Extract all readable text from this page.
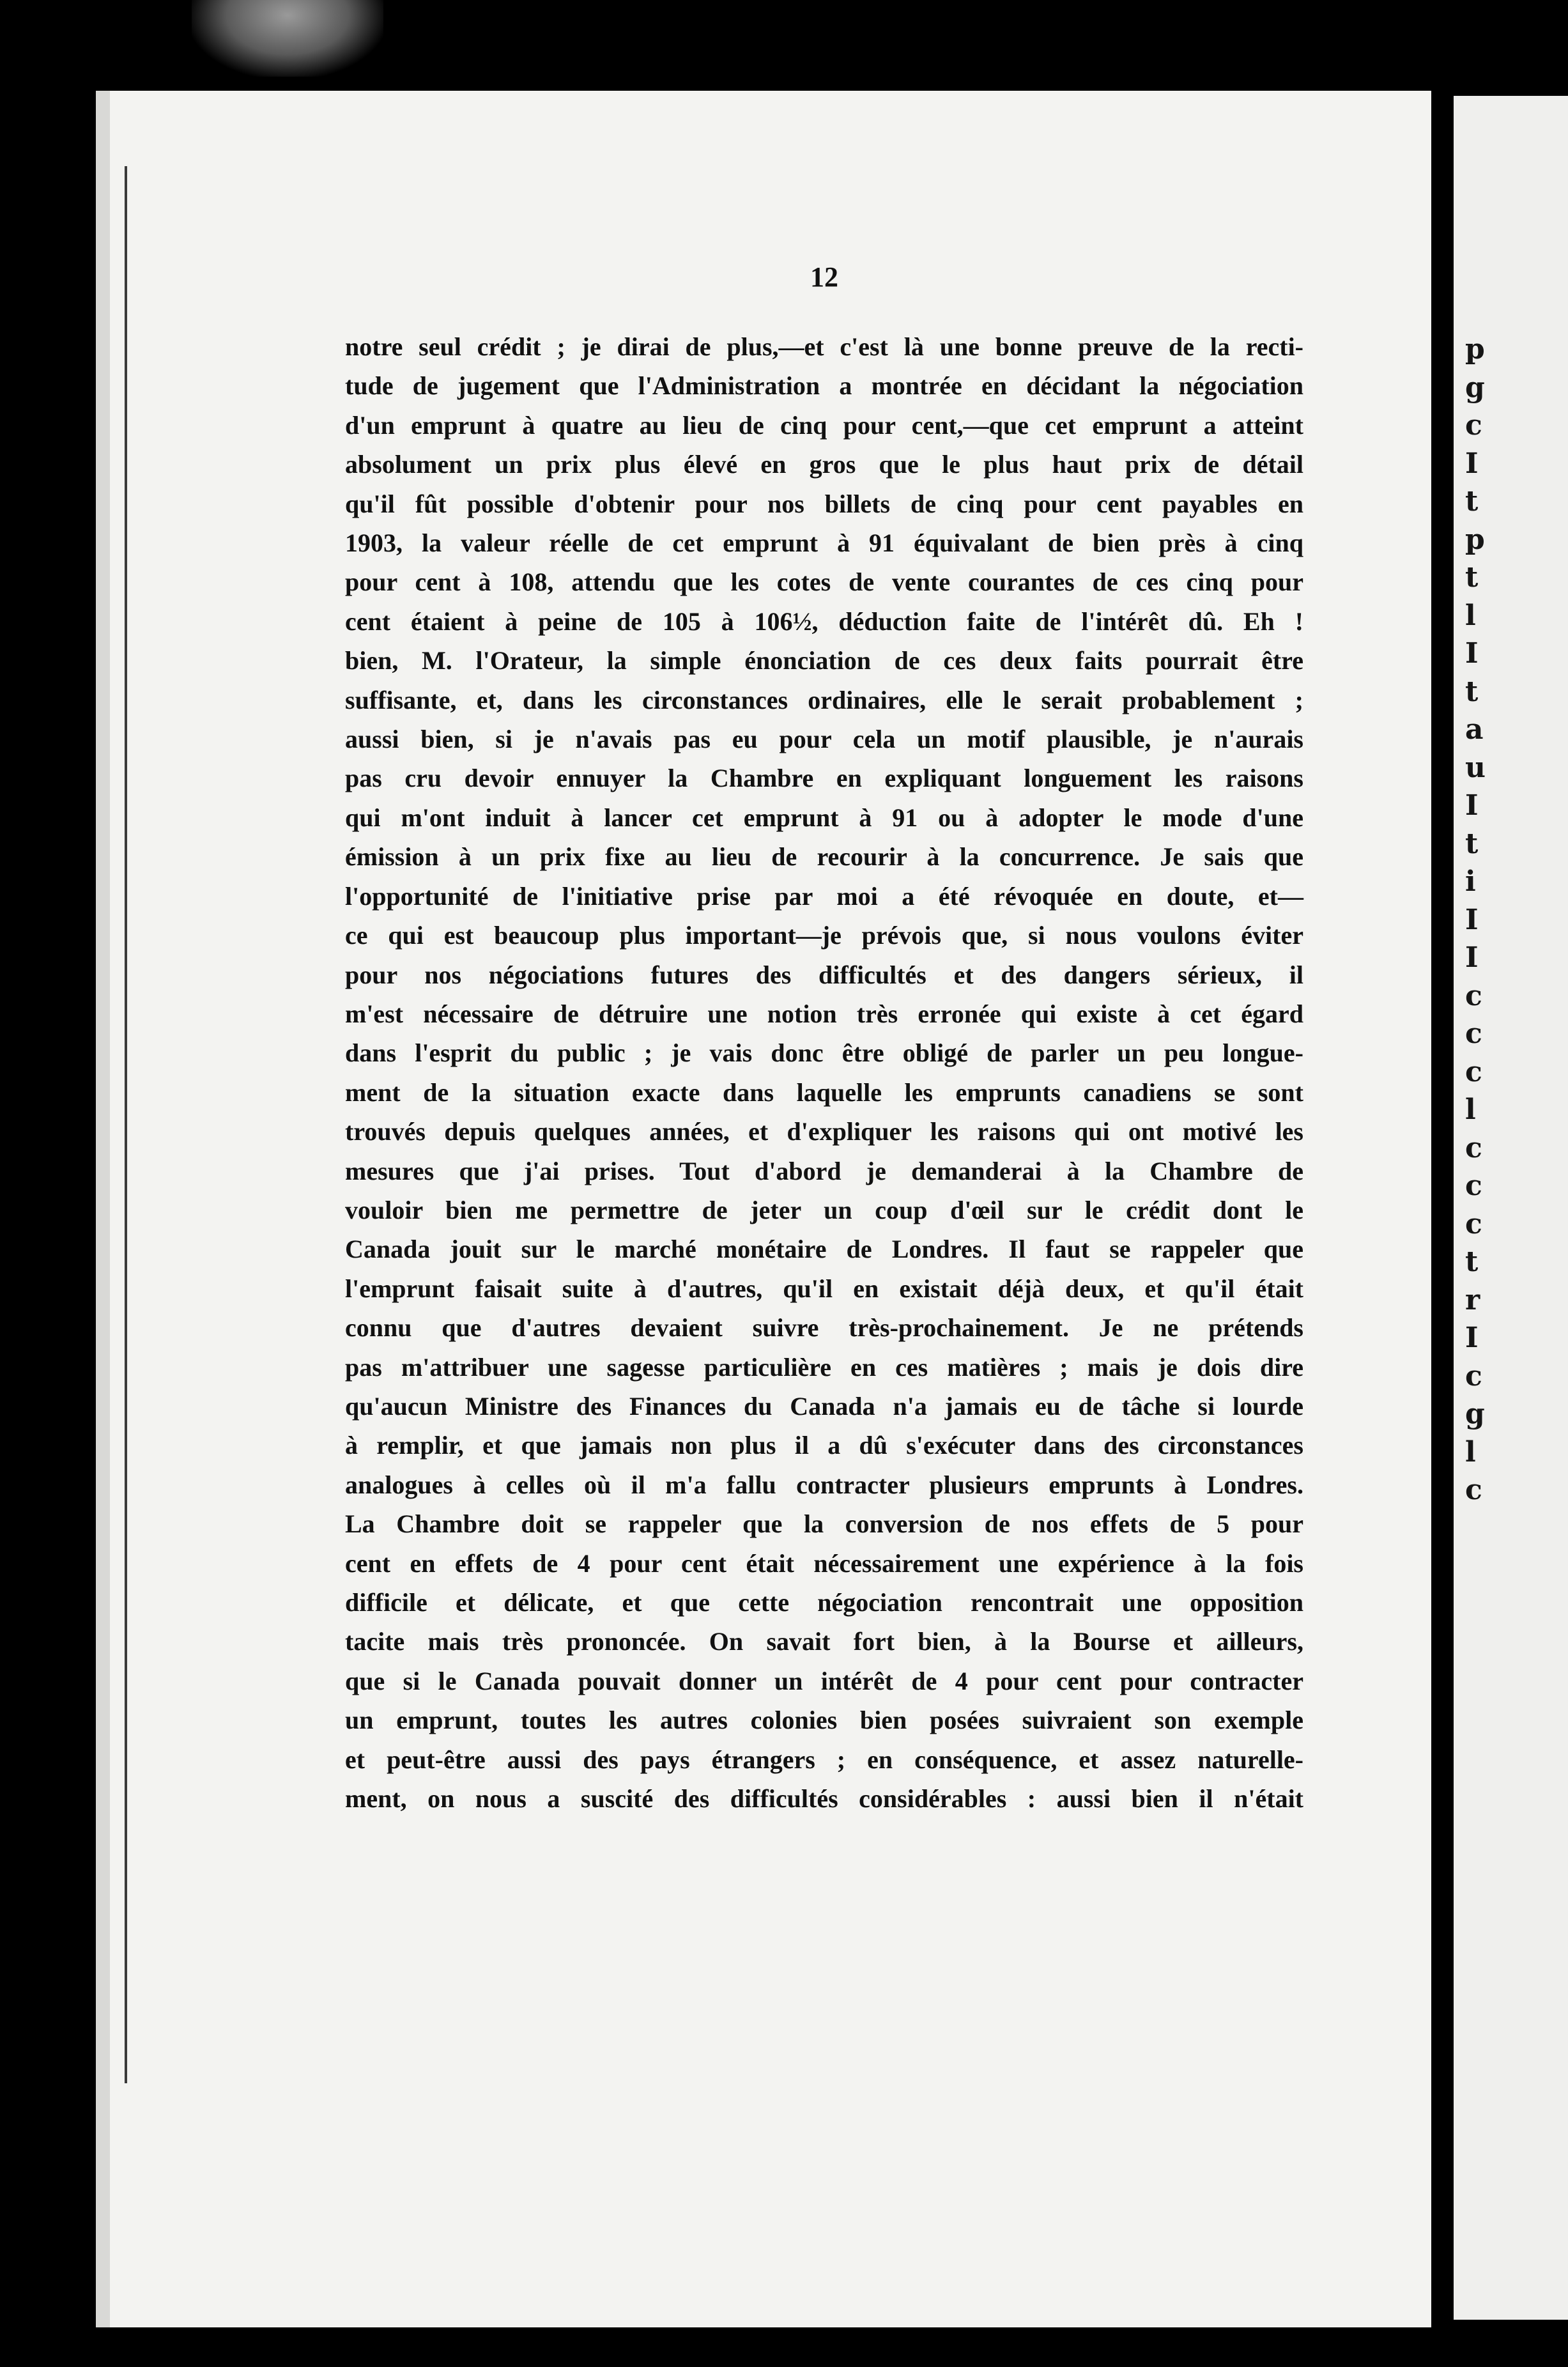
p
g
c
I
t
p
t
l
I
t
a
u
I
t
i
I
I
c
c
c
l
c
c
c
t
r
I
c
g
l
c
12
notre seul crédit ; je dirai de plus,—et c'est là une bonne preuve de la recti-
tude de jugement que l'Administration a montrée en décidant la négociation
d'un emprunt à quatre au lieu de cinq pour cent,—que cet emprunt a atteint
absolument un prix plus élevé en gros que le plus haut prix de détail
qu'il fût possible d'obtenir pour nos billets de cinq pour cent payables en
1903, la valeur réelle de cet emprunt à 91 équivalant de bien près à cinq
pour cent à 108, attendu que les cotes de vente courantes de ces cinq pour
cent étaient à peine de 105 à 106½, déduction faite de l'intérêt dû. Eh !
bien, M. l'Orateur, la simple énonciation de ces deux faits pourrait être
suffisante, et, dans les circonstances ordinaires, elle le serait probablement ;
aussi bien, si je n'avais pas eu pour cela un motif plausible, je n'aurais
pas cru devoir ennuyer la Chambre en expliquant longuement les raisons
qui m'ont induit à lancer cet emprunt à 91 ou à adopter le mode d'une
émission à un prix fixe au lieu de recourir à la concurrence. Je sais que
l'opportunité de l'initiative prise par moi a été révoquée en doute, et—
ce qui est beaucoup plus important—je prévois que, si nous voulons éviter
pour nos négociations futures des difficultés et des dangers sérieux, il
m'est nécessaire de détruire une notion très erronée qui existe à cet égard
dans l'esprit du public ; je vais donc être obligé de parler un peu longue-
ment de la situation exacte dans laquelle les emprunts canadiens se sont
trouvés depuis quelques années, et d'expliquer les raisons qui ont motivé les
mesures que j'ai prises. Tout d'abord je demanderai à la Chambre de
vouloir bien me permettre de jeter un coup d'œil sur le crédit dont le
Canada jouit sur le marché monétaire de Londres. Il faut se rappeler que
l'emprunt faisait suite à d'autres, qu'il en existait déjà deux, et qu'il était
connu que d'autres devaient suivre très-prochainement. Je ne prétends
pas m'attribuer une sagesse particulière en ces matières ; mais je dois dire
qu'aucun Ministre des Finances du Canada n'a jamais eu de tâche si lourde
à remplir, et que jamais non plus il a dû s'exécuter dans des circonstances
analogues à celles où il m'a fallu contracter plusieurs emprunts à Londres.
La Chambre doit se rappeler que la conversion de nos effets de 5 pour
cent en effets de 4 pour cent était nécessairement une expérience à la fois
difficile et délicate, et que cette négociation rencontrait une opposition
tacite mais très prononcée. On savait fort bien, à la Bourse et ailleurs,
que si le Canada pouvait donner un intérêt de 4 pour cent pour contracter
un emprunt, toutes les autres colonies bien posées suivraient son exemple
et peut-être aussi des pays étrangers ; en conséquence, et assez naturelle-
ment, on nous a suscité des difficultés considérables : aussi bien il n'était
